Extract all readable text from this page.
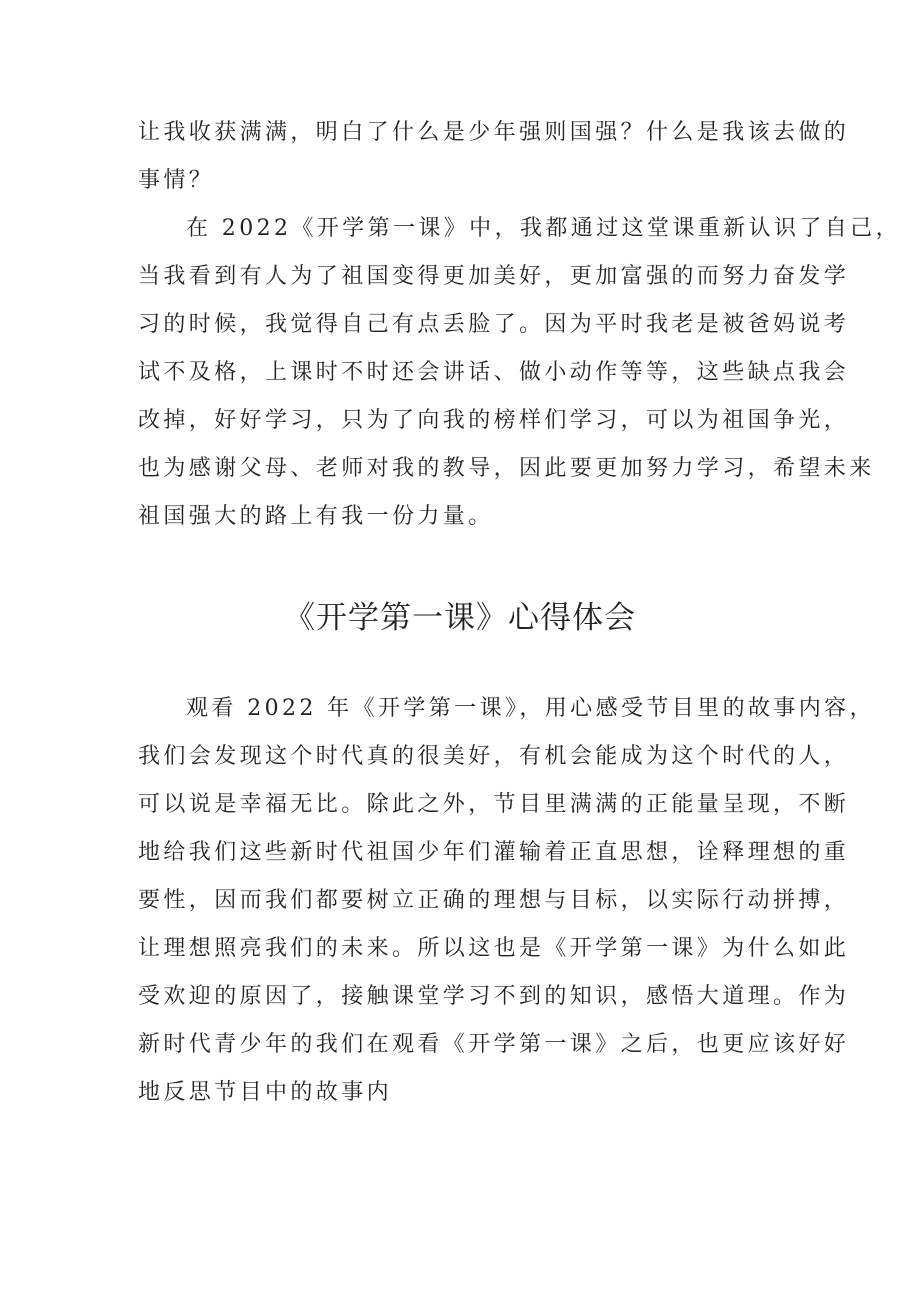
让我收获满满，明白了什么是少年强则国强？什么是我该去做的
事情？
在 2022《开学第一课》中，我都通过这堂课重新认识了自己，
当我看到有人为了祖国变得更加美好，更加富强的而努力奋发学
习的时候，我觉得自己有点丢脸了。因为平时我老是被爸妈说考
试不及格，上课时不时还会讲话、做小动作等等，这些缺点我会
改掉，好好学习，只为了向我的榜样们学习，可以为祖国争光，
也为感谢父母、老师对我的教导，因此要更加努力学习，希望未来
祖国强大的路上有我一份力量。
《开学第一课》心得体会
观看 2022 年《开学第一课》，用心感受节目里的故事内容，
我们会发现这个时代真的很美好，有机会能成为这个时代的人，
可以说是幸福无比。除此之外，节目里满满的正能量呈现，不断
地给我们这些新时代祖国少年们灌输着正直思想，诠释理想的重
要性，因而我们都要树立正确的理想与目标，以实际行动拼搏，
让理想照亮我们的未来。所以这也是《开学第一课》为什么如此
受欢迎的原因了，接触课堂学习不到的知识，感悟大道理。作为
新时代青少年的我们在观看《开学第一课》之后，也更应该好好
地反思节目中的故事内
